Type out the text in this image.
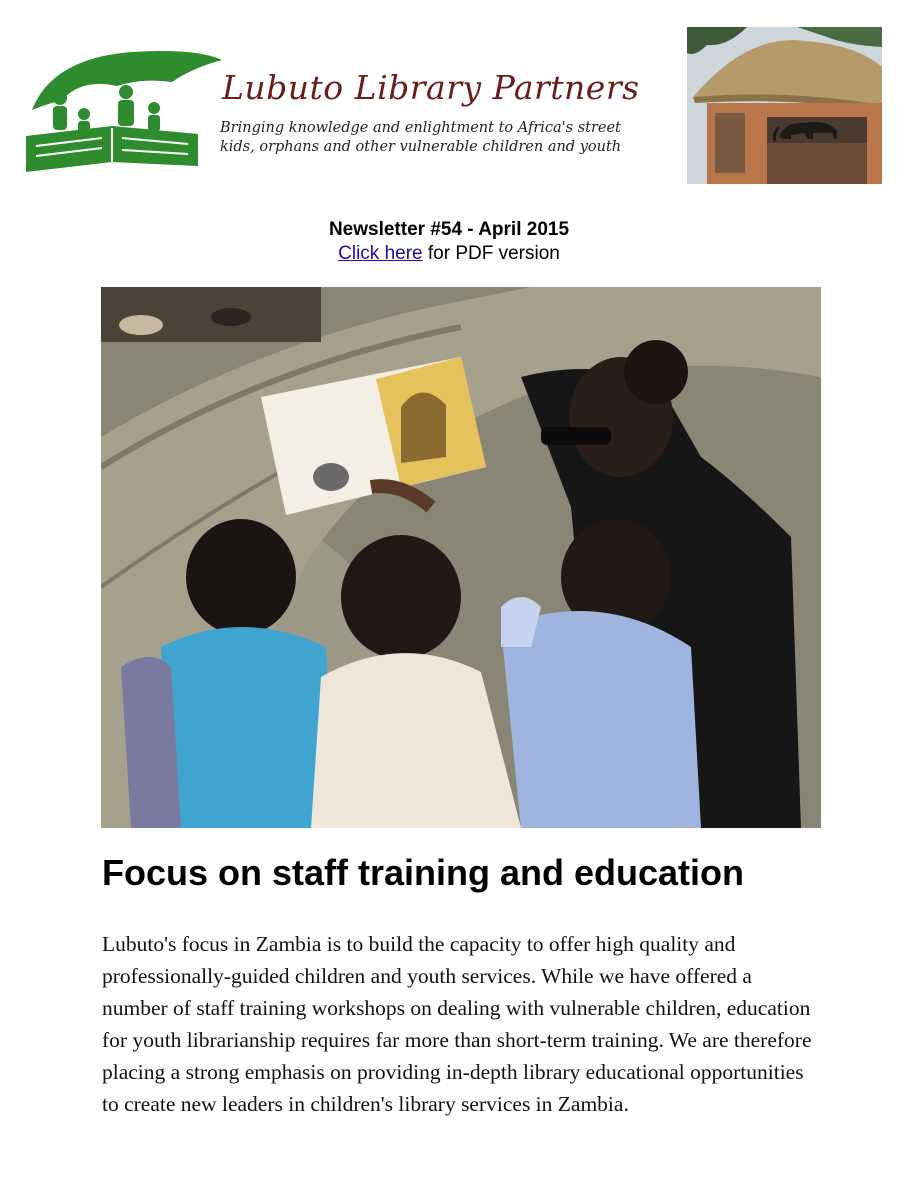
Lubuto Library Partners
Bringing knowledge and enlightment to Africa's street
kids, orphans and other vulnerable children and youth
Newsletter #54 - April 2015
Click here for PDF version
Focus on staff training and education

Lubuto's focus in Zambia is to build the capacity to offer high quality and professionally-guided children and youth services. While we have offered a number of staff training workshops on dealing with vulnerable children, education for youth librarianship requires far more than short-term training. We are therefore placing a strong emphasis on providing in-depth library educational opportunities to create new leaders in children's library services in Zambia.
